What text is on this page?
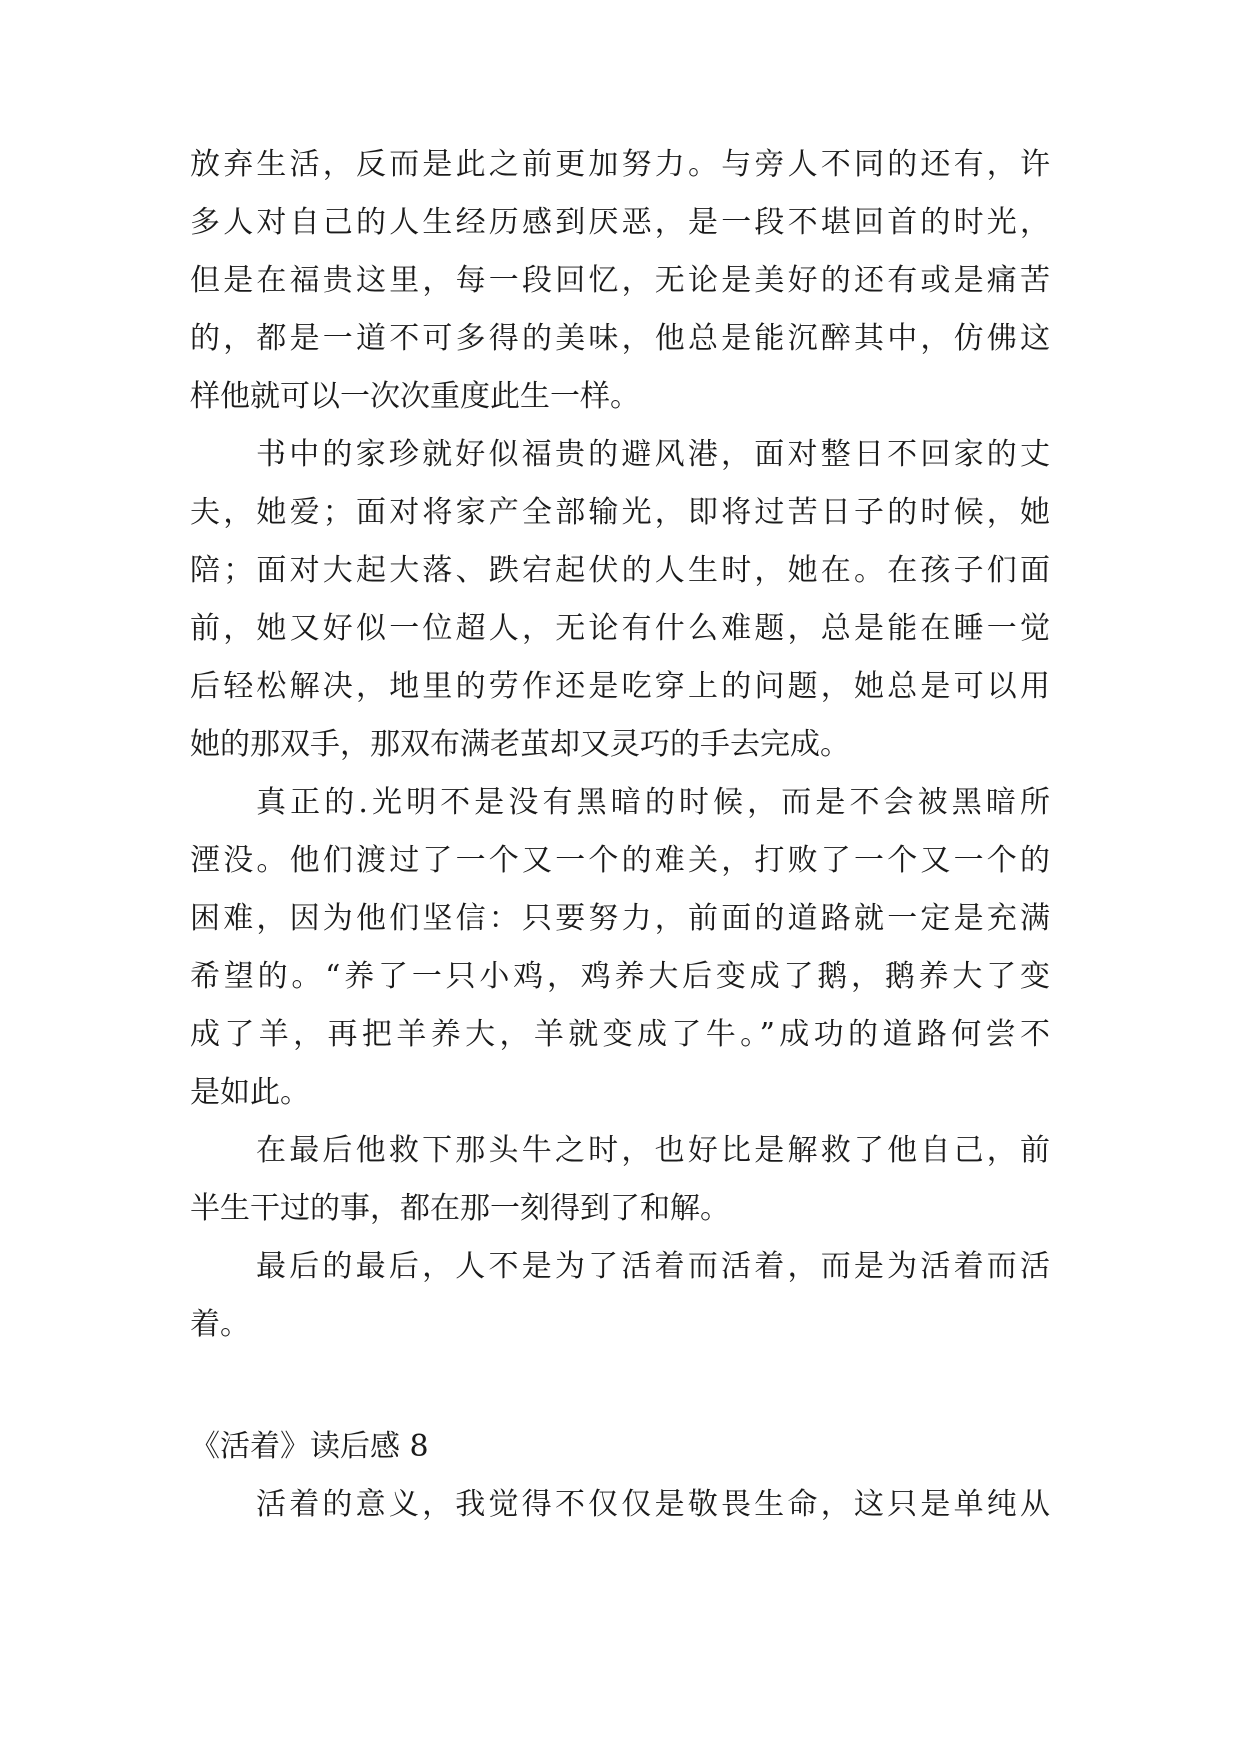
放弃生活，反而是此之前更加努力。与旁人不同的还有，许
多人对自己的人生经历感到厌恶，是一段不堪回首的时光，
但是在福贵这里，每一段回忆，无论是美好的还有或是痛苦
的，都是一道不可多得的美味，他总是能沉醉其中，仿佛这
样他就可以一次次重度此生一样。
书中的家珍就好似福贵的避风港，面对整日不回家的丈
夫，她爱；面对将家产全部输光，即将过苦日子的时候，她
陪；面对大起大落、跌宕起伏的人生时，她在。在孩子们面
前，她又好似一位超人，无论有什么难题，总是能在睡一觉
后轻松解决，地里的劳作还是吃穿上的问题，她总是可以用
她的那双手，那双布满老茧却又灵巧的手去完成。
真正的.光明不是没有黑暗的时候，而是不会被黑暗所
湮没。他们渡过了一个又一个的难关，打败了一个又一个的
困难，因为他们坚信：只要努力，前面的道路就一定是充满
希望的。“养了一只小鸡，鸡养大后变成了鹅，鹅养大了变
成了羊，再把羊养大，羊就变成了牛。”成功的道路何尝不
是如此。
在最后他救下那头牛之时，也好比是解救了他自己，前
半生干过的事，都在那一刻得到了和解。
最后的最后，人不是为了活着而活着，而是为活着而活
着。
《活着》读后感 8
活着的意义，我觉得不仅仅是敬畏生命，这只是单纯从
